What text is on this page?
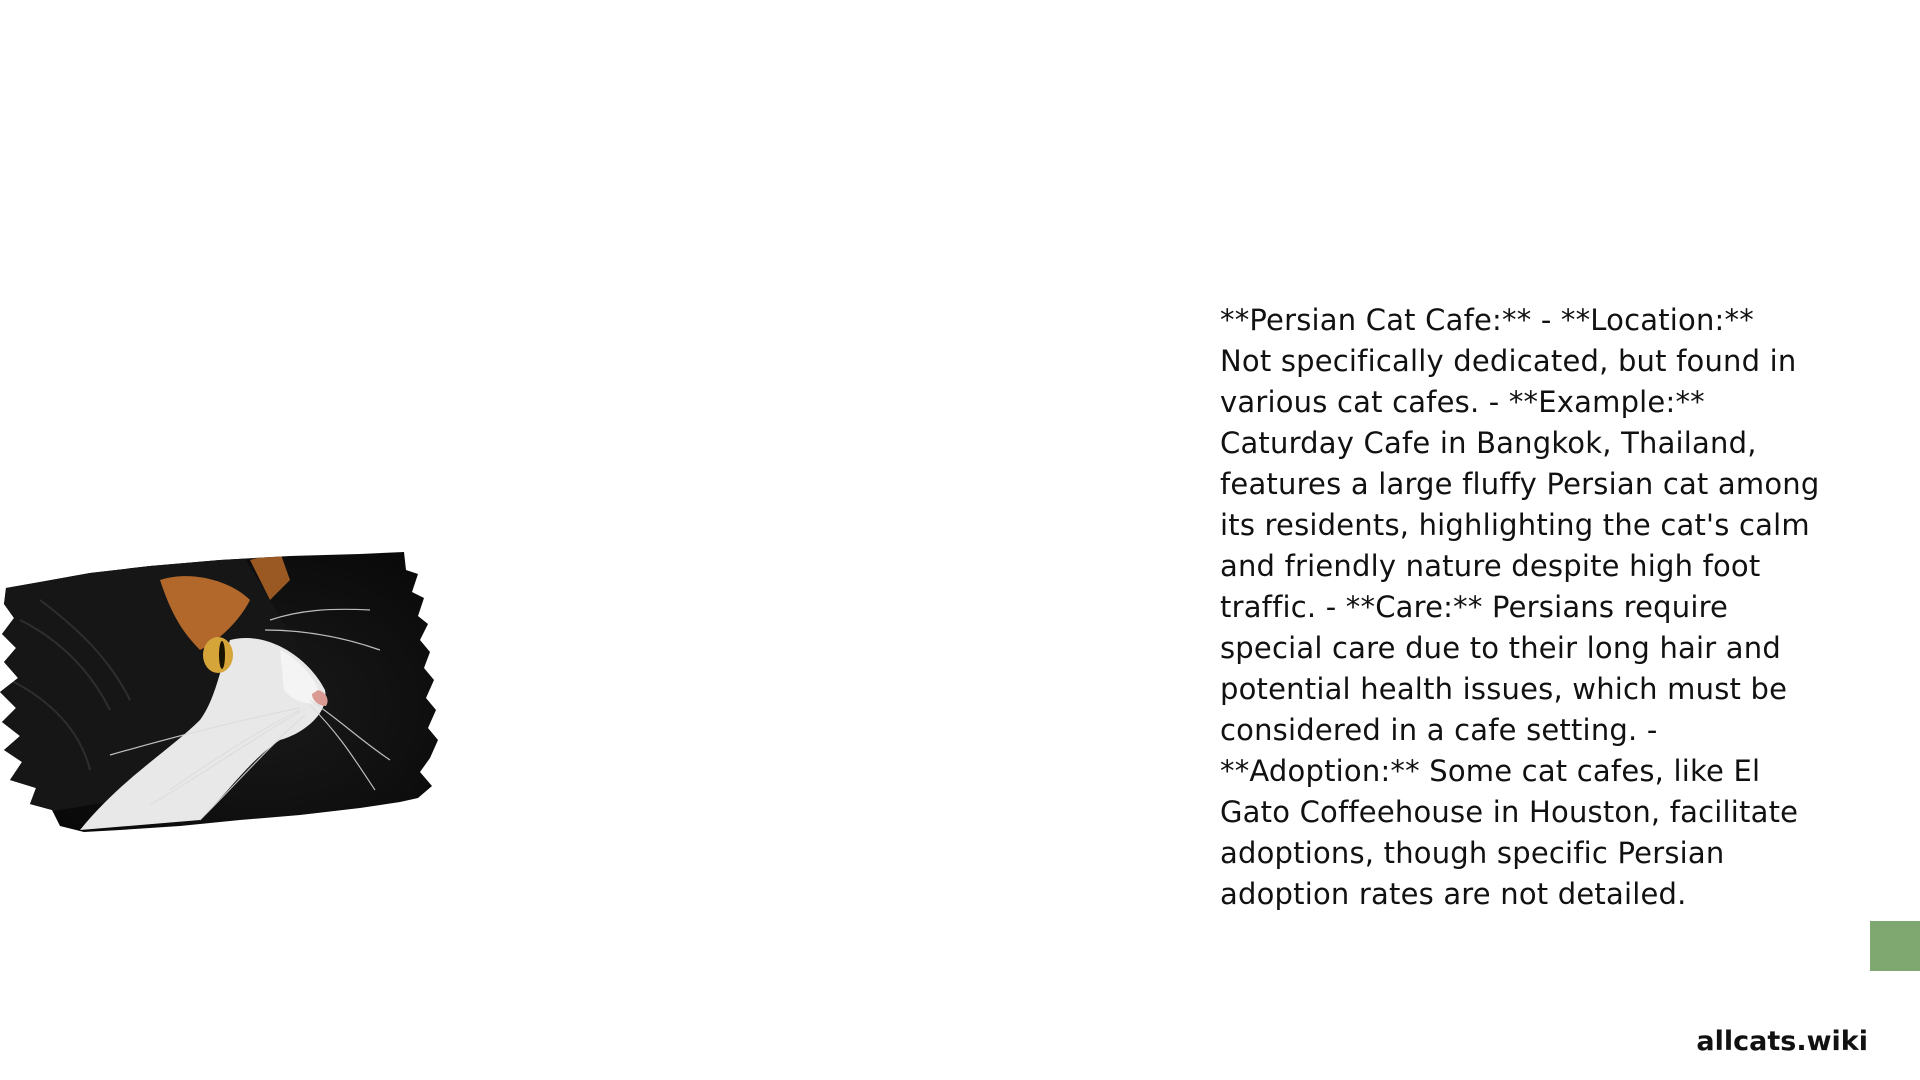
**Persian Cat Cafe:** - **Location:**
Not specifically dedicated, but found in various cat cafes. - **Example:** Caturday Cafe in Bangkok, Thailand, features a large fluffy Persian cat among its residents, highlighting the cat's calm and friendly nature despite high foot traffic. - **Care:** Persians require special care due to their long hair and potential health issues, which must be considered in a cafe setting. - **Adoption:** Some cat cafes, like El Gato Coffeehouse in Houston, facilitate adoptions, though specific Persian adoption rates are not detailed.
allcats.wiki
